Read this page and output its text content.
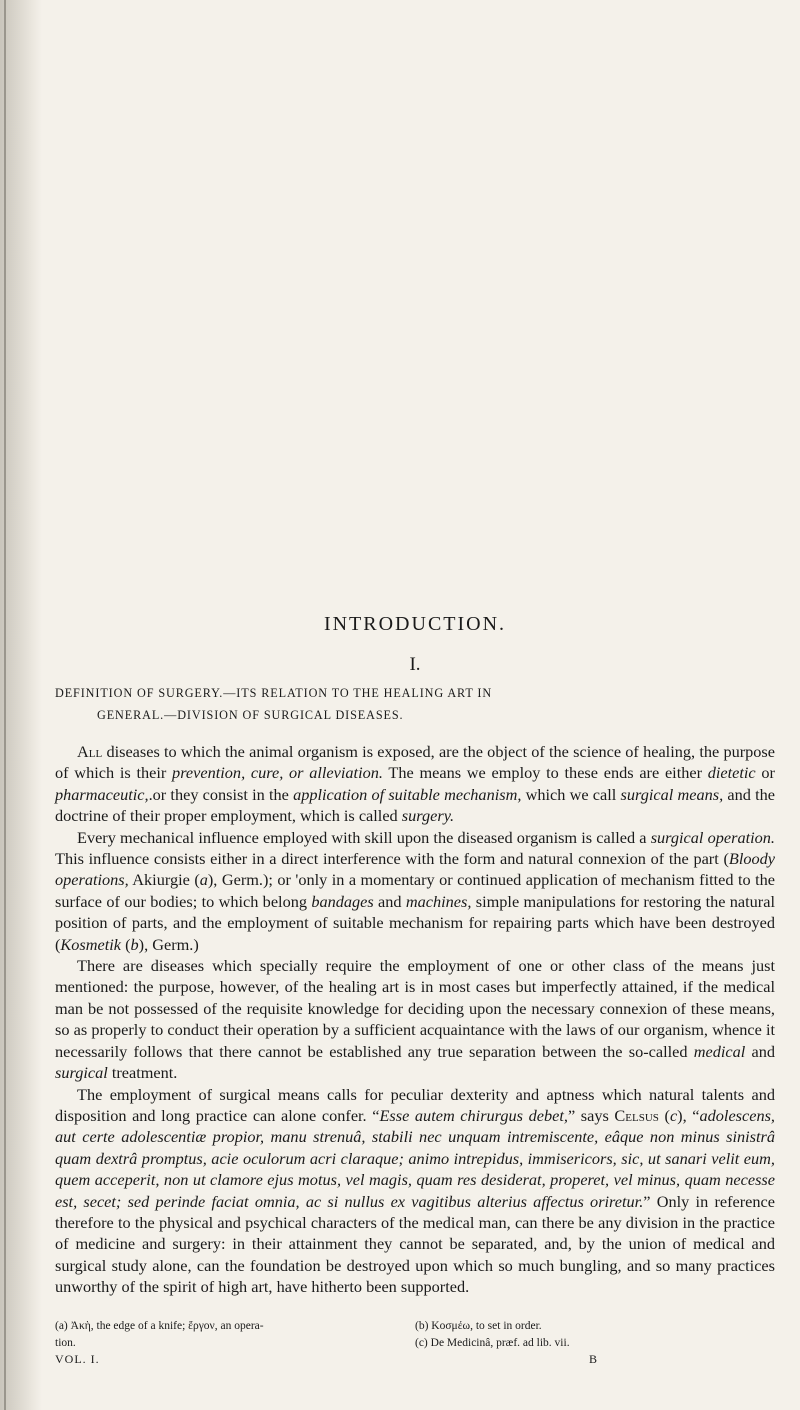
INTRODUCTION.
I.
DEFINITION OF SURGERY.—ITS RELATION TO THE HEALING ART IN
GENERAL.—DIVISION OF SURGICAL DISEASES.

All diseases to which the animal organism is exposed, are the object of the science of healing, the purpose of which is their prevention, cure, or alleviation. The means we employ to these ends are either dietetic or pharmaceutic,.or they consist in the application of suitable mechanism, which we call surgical means, and the doctrine of their proper employment, which is called surgery.

Every mechanical influence employed with skill upon the diseased organism is called a surgical operation. This influence consists either in a direct interference with the form and natural connexion of the part (Bloody operations, Akiurgie (a), Germ.); or 'only in a momentary or continued application of mechanism fitted to the surface of our bodies; to which belong bandages and machines, simple manipulations for restoring the natural position of parts, and the employment of suitable mechanism for repairing parts which have been destroyed (Kosmetik (b), Germ.)

There are diseases which specially require the employment of one or other class of the means just mentioned: the purpose, however, of the healing art is in most cases but imperfectly attained, if the medical man be not possessed of the requisite knowledge for deciding upon the necessary connexion of these means, so as properly to conduct their operation by a sufficient acquaintance with the laws of our organism, whence it necessarily follows that there cannot be established any true separation between the so-called medical and surgical treatment.

The employment of surgical means calls for peculiar dexterity and aptness which natural talents and disposition and long practice can alone confer. “Esse autem chirurgus debet,” says Celsus (c), “adolescens, aut certe adolescentiæ propior, manu strenuâ, stabili nec unquam intremiscente, eâque non minus sinistrâ quam dextrâ promptus, acie oculorum acri claraque; animo intrepidus, immisericors, sic, ut sanari velit eum, quem acceperit, non ut clamore ejus motus, vel magis, quam res desiderat, properet, vel minus, quam necesse est, secet; sed perinde faciat omnia, ac si nullus ex vagitibus alterius affectus oriretur.” Only in reference therefore to the physical and psychical characters of the medical man, can there be any division in the practice of medicine and surgery: in their attainment they cannot be separated, and, by the union of medical and surgical study alone, can the foundation be destroyed upon which so much bungling, and so many practices unworthy of the spirit of high art, have hitherto been supported.

(a) Ἀκὴ, the edge of a knife; ἔργον, an opera-
tion.
(b) Κοσμέω, to set in order.
(c) De Medicinâ, præf. ad lib. vii.
VOL. I.	B
